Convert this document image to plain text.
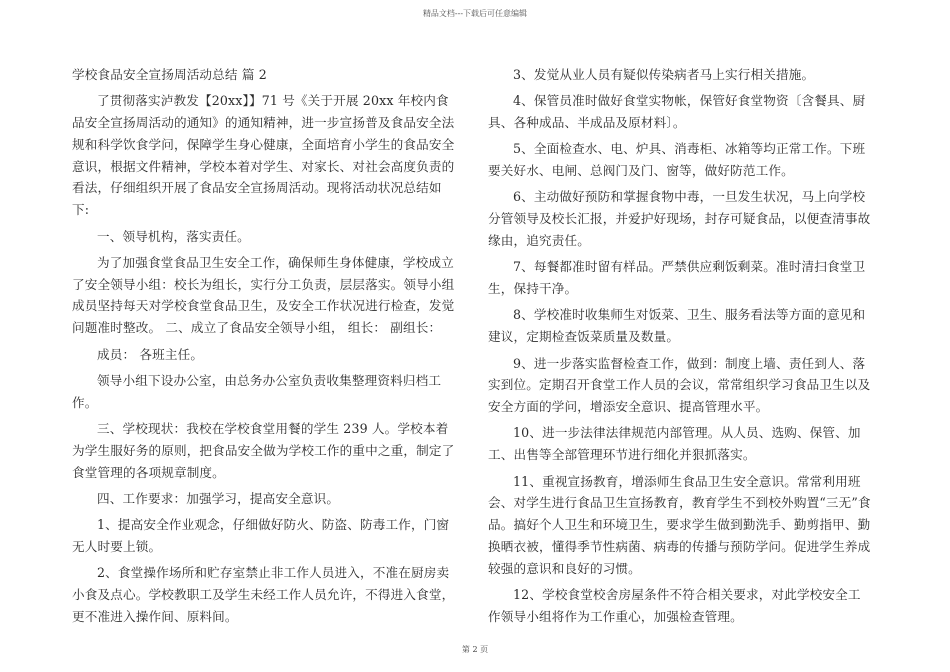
精品文档---下载后可任意编辑

学校食品安全宣扬周活动总结 篇 2

了贯彻落实泸教发【20xx】】71 号《关于开展 20xx 年校内食品安全宣扬周活动的通知》的通知精神，进一步宣扬普及食品安全法规和科学饮食学问，保障学生身心健康，全面培育小学生的食品安全意识，根据文件精神，学校本着对学生、对家长、对社会高度负责的看法，仔细组织开展了食品安全宣扬周活动。现将活动状况总结如下:

一、领导机构，落实责任。

为了加强食堂食品卫生安全工作，确保师生身体健康，学校成立了安全领导小组：校长为组长，实行分工负责，层层落实。领导小组成员坚持每天对学校食堂食品卫生，及安全工作状况进行检查，发觉问题准时整改。 二、成立了食品安全领导小组， 组长： 副组长：

成员： 各班主任。

领导小组下设办公室，由总务办公室负责收集整理资料归档工作。

三、学校现状：我校在学校食堂用餐的学生 239 人。学校本着为学生服好务的原则，把食品安全做为学校工作的重中之重，制定了食堂管理的各项规章制度。

四、工作要求：加强学习，提高安全意识。

1、提高安全作业观念，仔细做好防火、防盗、防毒工作，门窗无人时要上锁。

2、食堂操作场所和贮存室禁止非工作人员进入，不准在厨房卖小食及点心。学校教职工及学生未经工作人员允许，不得进入食堂，更不准进入操作间、原料间。

3、发觉从业人员有疑似传染病者马上实行相关措施。

4、保管员准时做好食堂实物帐，保管好食堂物资〔含餐具、厨具、各种成品、半成品及原材料〕。

5、全面检查水、电、炉具、消毒柜、冰箱等均正常工作。下班要关好水、电闸、总阀门及门、窗等，做好防范工作。

6、主动做好预防和掌握食物中毒，一旦发生状况，马上向学校分管领导及校长汇报，并爱护好现场，封存可疑食品，以便查清事故缘由，追究责任。

7、每餐都准时留有样品。严禁供应剩饭剩菜。准时清扫食堂卫生，保持干净。

8、学校准时收集师生对饭菜、卫生、服务看法等方面的意见和建议，定期检查饭菜质量及数量。

9、进一步落实监督检查工作，做到：制度上墙、责任到人、落实到位。定期召开食堂工作人员的会议，常常组织学习食品卫生以及安全方面的学问，增添安全意识、提高管理水平。

10、进一步法律法律规范内部管理。从人员、选购、保管、加工、出售等全部管理环节进行细化并狠抓落实。

11、重视宣扬教育，增添师生食品卫生安全意识。常常利用班会、对学生进行食品卫生宣扬教育，教育学生不到校外购置“三无”食品。搞好个人卫生和环境卫生，要求学生做到勤洗手、勤剪指甲、勤换晒衣被，懂得季节性病菌、病毒的传播与预防学问。促进学生养成较强的意识和良好的习惯。

12、学校食堂校舍房屋条件不符合相关要求，对此学校安全工作领导小组将作为工作重心，加强检查管理。

第 2 页
